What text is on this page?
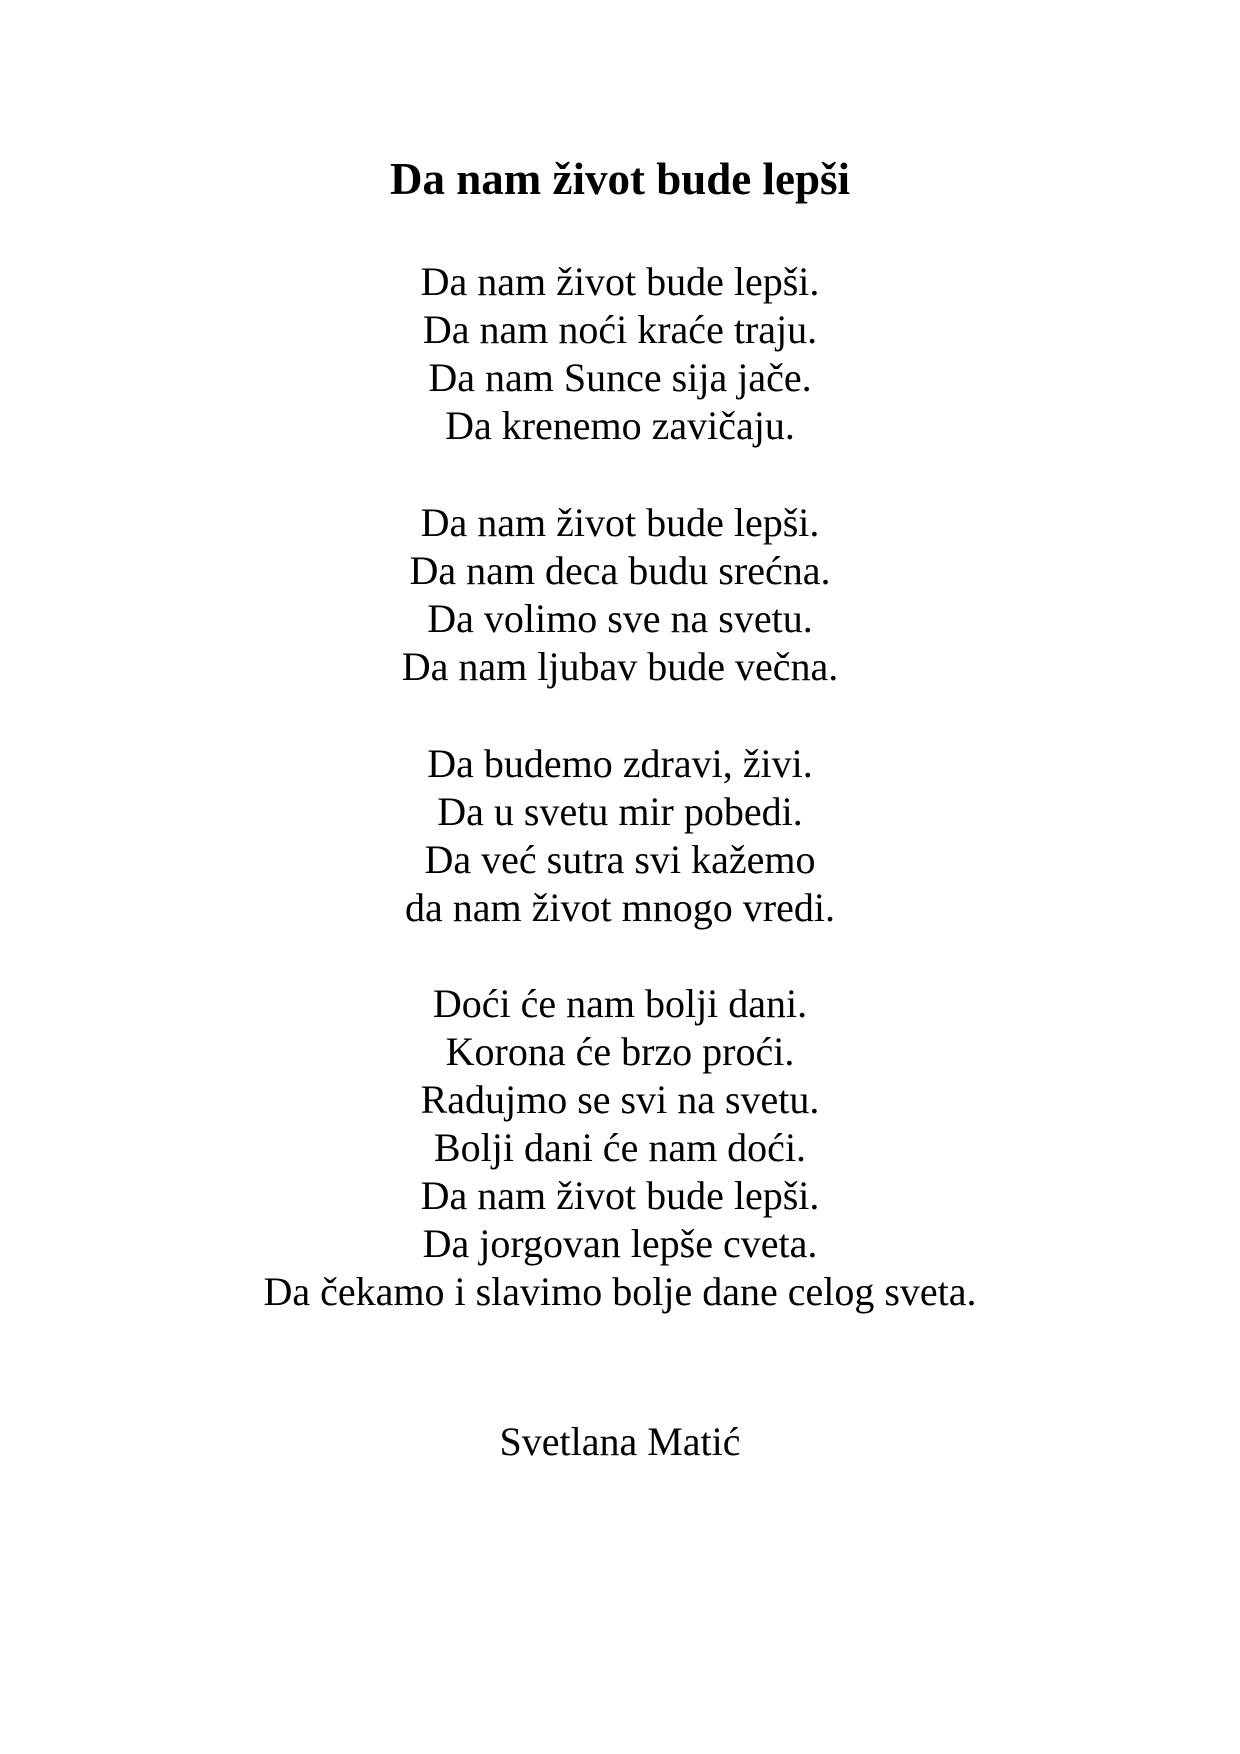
Da nam život bude lepši
Da nam život bude lepši.
Da nam noći kraće traju.
Da nam Sunce sija jače.
Da krenemo zavičaju.
Da nam život bude lepši.
Da nam deca budu srećna.
Da volimo sve na svetu.
Da nam ljubav bude večna.
Da budemo zdravi, živi.
Da u svetu mir pobedi.
Da već sutra svi kažemo
da nam život mnogo vredi.
Doći će nam bolji dani.
Korona će brzo proći.
Radujmo se svi na svetu.
Bolji dani će nam doći.
Da nam život bude lepši.
Da jorgovan lepše cveta.
Da čekamo i slavimo bolje dane celog sveta.

Svetlana Matić
